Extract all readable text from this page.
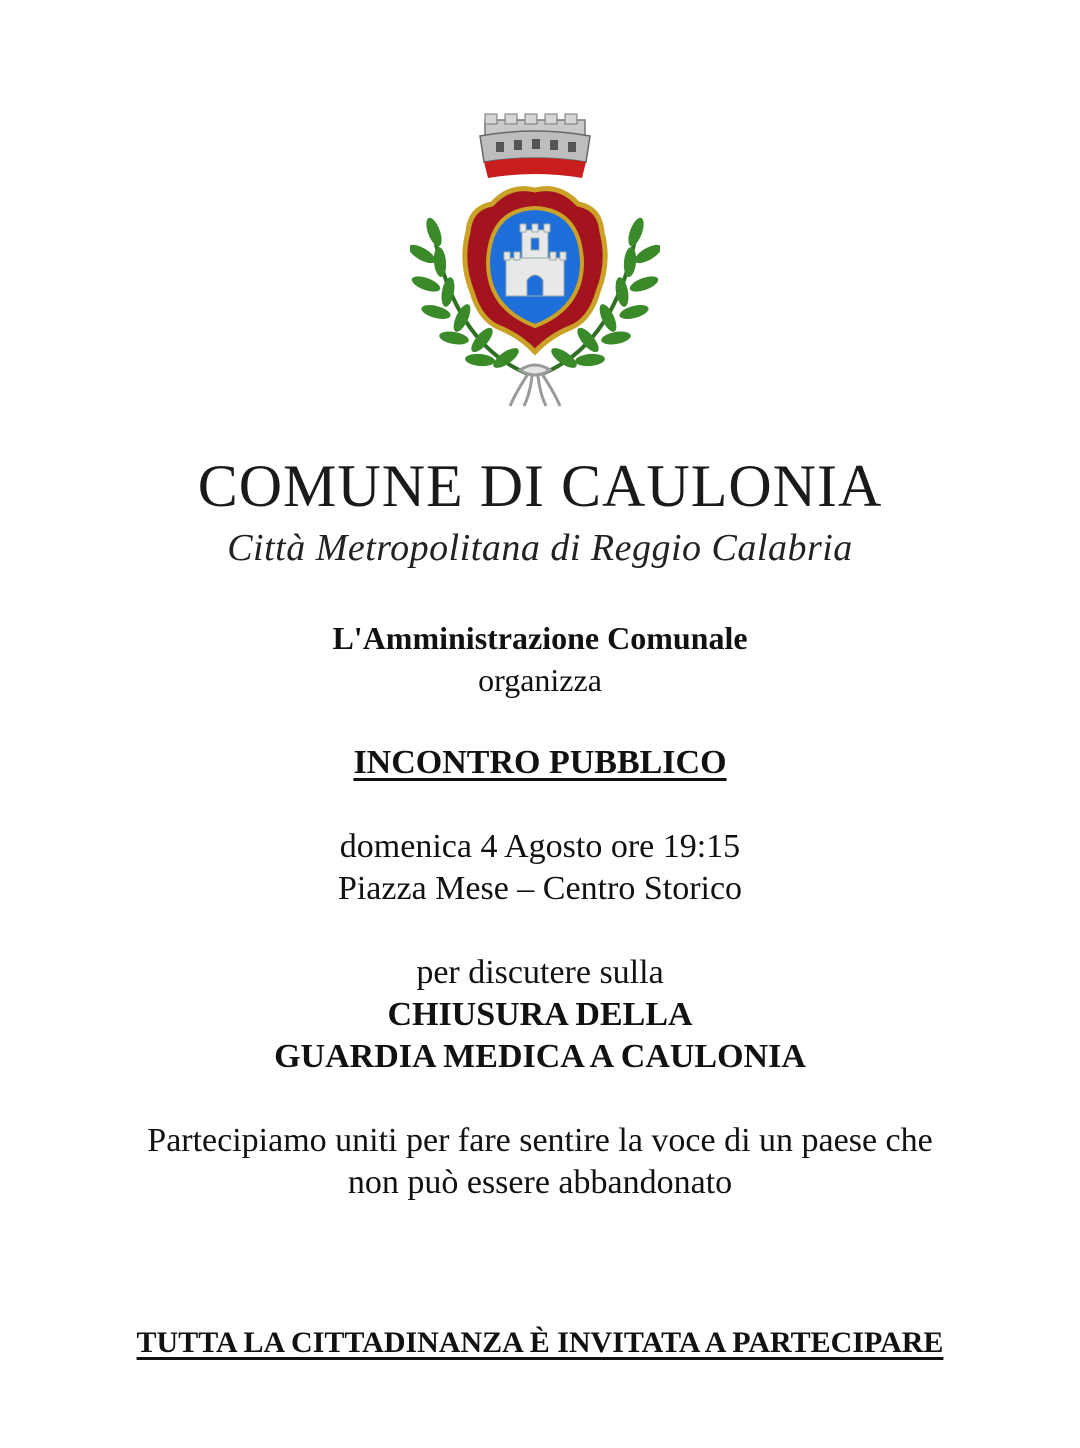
COMUNE DI CAULONIA
Città Metropolitana di Reggio Calabria
L'Amministrazione Comunale
organizza
INCONTRO PUBBLICO
domenica 4 Agosto ore 19:15
Piazza Mese – Centro Storico
per discutere sulla
CHIUSURA DELLA
GUARDIA MEDICA A CAULONIA
Partecipiamo uniti per fare sentire la voce di un paese che
non può essere abbandonato
TUTTA LA CITTADINANZA È INVITATA A PARTECIPARE
